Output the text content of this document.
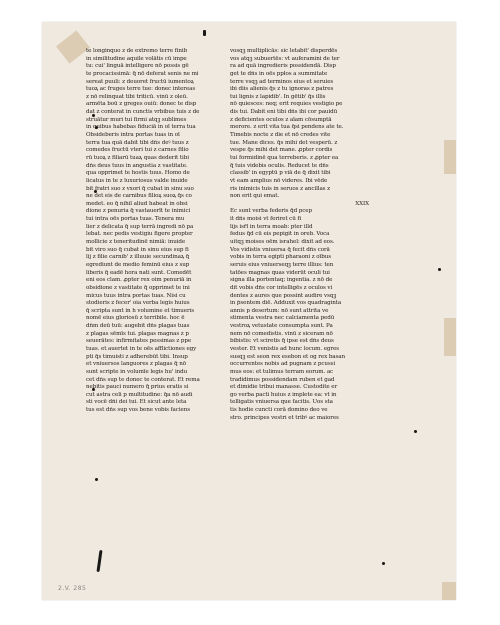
te longinquo z de extremo terre finib
in similitudine aquile volātis cū impe
tu: cui' linguā intelligere nō possis gē
te procacissimā: q̄ nō deferat senis ne mi
sereat puuli: z deuoret fructū iumentoꝝ
tuoꝝ ac fruges terre tue: donec intereas
z nō relinquat tibi triticū. vinū z oleū.
armēta boū z greges ouiū: donec te disp
dat z conterat in cunctis vrbibus tuis z de
struātur muri tui firmi atqꝫ sublimes
in quibus habebas fiduciā in oī terra tua
Obsideberis intra portas tuas in oī
terra tua quā dabit tibi dñs deꝰ tuus z
comedes fructū vteri tui z carnes filio
rū tuoꝝ z filiarū tuaꝝ quas dederit tibi
dñs deus tuus in angustia z vastitate.
qua opprimet te hostis tuus. Homo de
licatus in te z luxuriosus valde inuide
bit fratri suo z vxori q̄ cubat in sinu suo
ne det eis de carnibus filioꝝ suoꝝ q̄s co
medet. eo q̄ nihil aliud habeat in obsi
dione z penuria q̄ vastauerīt te inimici
tui intra oēs portas tuas. Tenera mu
lier z delicata q̄ sup terrā ingredi nō pa
lebat. nec pedis vestigiu figere propter
mollicie z teneritudinē nimiā: inuide
bit viro suo q̄ cubat in sinu eius sup fi
lij z filie carnib' z illuuie secundinaꝝ q̄
egrediunt̄ de medio feminū eius z sup
liberis q̄ eadē hora nati sunt. Comedēt
eni eos clam. ꝓpter rex oim penuriā in
obsidione z vastitate q̄ opprimet te ini
micus tuus intra portas tuas. Nisi cu
stodieris z fecer' oia verba legis huius
q̄ scripta sunt in h volumine et timueris
nomē eius gloriosū z terribile. hoc ē
dñm deū tuū: augebit dñs plagas tuas
z plagas sēmīs tui. plagas magnas z p
seuerātes: infirmitates pessimas z ppe
tuas. et auertet in te oēs afflictiones egy
pti q̄s timuisti z adherebūt tibi. Insup
et vniuersos languores z plagas q̄ nō
sunt scripte in volumīe legis hu' indu
cet dñs sup te donec te conterat. Et rema
nebitis pauci numero q̄ prius eratis si
cut astra celi p multitudine: q̄a nō audi
sti vocē dñi dei tui. Et sicut ante leta
tus est dñs sup vos bene vobis faciens
vosqꝫ multiplicās: sic letabit' disperdēs
vos atqꝫ subuertēs: vt auferamini de ter
ra ad quā ingredieris possidendā. Disp
get te dñs in oēs ppłos a summitate
terre vsqꝫ ad terminos eius et seruies
ibi diis alienis q̄s z tu ignoras z patres
tui lignis z lapidib'. In gētib' q̄s illis
nō quiesces: neq; erit requies vestigio pe
dis tui. Dabit eni tibi dñs ibi cor pauidū
z deficientes oculos z aīam cōsumptā
merore. z erit vita tua q̄si pendens ate te.
Timebis nocte z die et nō credes vite
tue. Mane dices. q̄s mihi det vesperū. z
vespe q̄s mihi det mane. ꝓpter cordis
tui formidinē qua terreberis. z ꝓpter ea
q̄ tuis videbis oculis. Reducet te dñs
classib' in egyptū p viā de q̄ dixit tibi
vt eam amplius nō videres. Ibi vēde
ris inimicis tuis in seruos z ancillas z
non erit qui emat.
XXIX
Ec sunt verba federis q̄d pcep
it dñs moisi vt feriret cū fi
lijs isr̄l in terra moab: pter illd
fedus q̄d cū eis pepigit in oreb. Voca
uitqꝫ moises oēm israhel: dixit ad eos.
Vos vidistis vniuersa q̄ fecit dñs corā
vobis in terra egipti pharaoni z oībus
seruis eius vniuerseqꝫ terre illius: ten
tatōes magnas quas viderūt oculi tui
signa illa portentaq; ingentia. z nō de
dit vobis dñs cor intelligēs z oculos vi
dentes z aures que possint audire vsqꝫ
in ṗsentem diē. Adduxit vos quadraginta
annis p desertum: nō sunt attrita ve
stimenta vestra nec calciamenta pedū
vestroꝝ vetustate consumpta sunt. Pa
nem nō comedistis. vinū z siceram nō
bibistis: vt sciretis q̄ ipse est dñs deus
vester. Et venistis ad hunc locum. egres
susqꝫ est seon rex esebon et og rex basan
occurrentes nobis ad pugnam z pcussi
mus eos: et tulimus terram eorum. ac
tradidimus possidendam ruben et gad
et dimidie tribui manasse. Custodite er
go verba pacti huius z implete ea: vt in
telligatis vniuersa que facitis. Uos sta
tis hodie cuncti corā domino deo ve
stro. principes vestri et tribꝰ ac maiores
2.V. 285
